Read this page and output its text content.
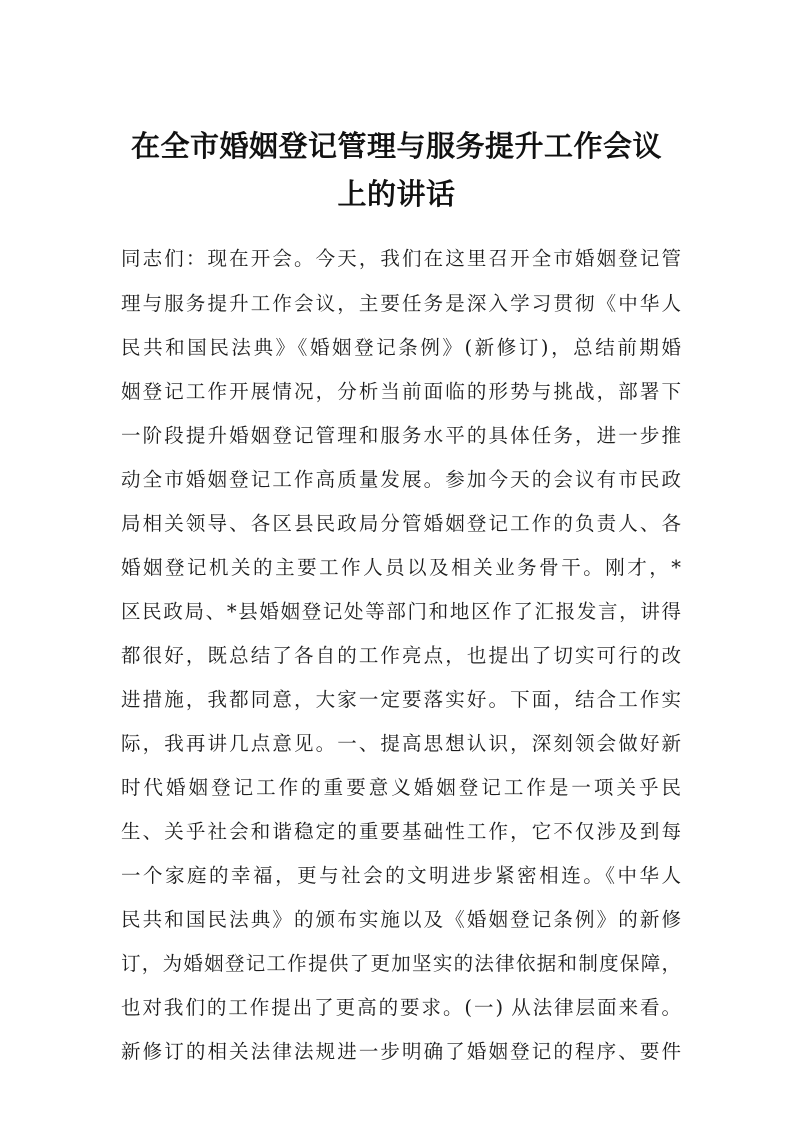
在全市婚姻登记管理与服务提升工作会议
上的讲话
同志们：现在开会。今天，我们在这里召开全市婚姻登记管
理与服务提升工作会议，主要任务是深入学习贯彻《中华人
民共和国民法典》《婚姻登记条例》(新修订)，总结前期婚
姻登记工作开展情况，分析当前面临的形势与挑战，部署下
一阶段提升婚姻登记管理和服务水平的具体任务，进一步推
动全市婚姻登记工作高质量发展。参加今天的会议有市民政
局相关领导、各区县民政局分管婚姻登记工作的负责人、各
婚姻登记机关的主要工作人员以及相关业务骨干。刚才，*
区民政局、*县婚姻登记处等部门和地区作了汇报发言，讲得
都很好，既总结了各自的工作亮点，也提出了切实可行的改
进措施，我都同意，大家一定要落实好。下面，结合工作实
际，我再讲几点意见。一、提高思想认识，深刻领会做好新
时代婚姻登记工作的重要意义婚姻登记工作是一项关乎民
生、关乎社会和谐稳定的重要基础性工作，它不仅涉及到每
一个家庭的幸福，更与社会的文明进步紧密相连。《中华人
民共和国民法典》的颁布实施以及《婚姻登记条例》的新修
订，为婚姻登记工作提供了更加坚实的法律依据和制度保障，
也对我们的工作提出了更高的要求。(一) 从法律层面来看。
新修订的相关法律法规进一步明确了婚姻登记的程序、要件
